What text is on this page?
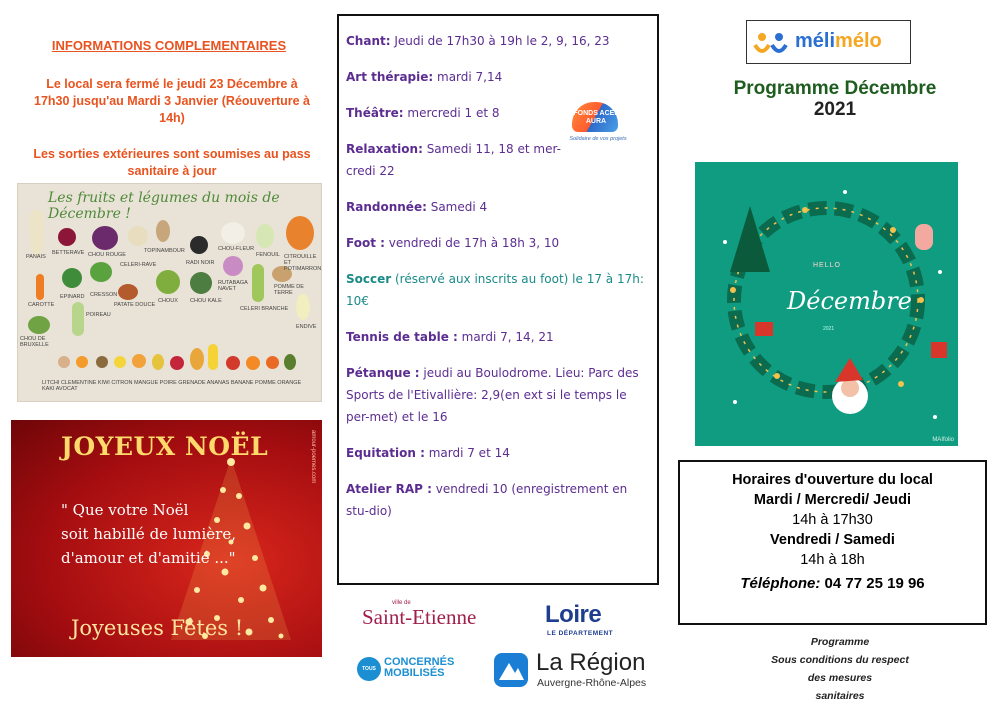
INFORMATIONS COMPLEMENTAIRES
Le local sera fermé le jeudi 23 Décembre à 17h30 jusqu'au Mardi 3 Janvier (Réouverture à 14h)
Les sorties extérieures sont soumises au pass sanitaire à jour
Les fruits et légumes du mois de Décembre !
LITCHI CLEMENTINE KIWI CITRON MANGUE POIRE GRENADE ANANAS BANANE POMME ORANGE KAKI AVOCAT
PANAIS
BETTERAVE CHOU ROUGE
TOPINAMBOUR	CHOU-FLEUR
FENOUIL CITROUILLE ET POTIMARRON
CELERI-RAVE	RADI NOIR
CAROTTE
EPINARD CRESSON
CHOUX CHOU KALE
RUTABAGA NAVET
CELERI BRANCHE
POMME DE TERRE
CHOU DE BRUXELLE
POIREAU
PATATE DOUCE
ENDIVE
JOYEUX NOËL
" Que votre Noël
soit habillé de lumière,
d'amour et d'amitié ..."
Joyeuses Fêtes !
amour-poemes.com
Chant: Jeudi de 17h30 à 19h le 2, 9, 16, 23
Art thérapie: mardi 7,14
Théâtre: mercredi 1 et 8
Relaxation: Samedi 11, 18 et mer-credi 22
Randonnée: Samedi 4
Foot : vendredi de 17h à 18h 3, 10
Soccer (réservé aux inscrits au foot) le 17 à 17h: 10€
Tennis de table : mardi 7, 14, 21
Pétanque : jeudi au Boulodrome. Lieu: Parc des Sports de l'Etivallière: 2,9(en ext si le temps le per-met) et le 16
Equitation : mardi 7 et 14
Atelier RAP : vendredi 10 (enregistrement en stu-dio)
FONDS ACEF AURA
Solidaire de vos projets
ville de
Saint-Etienne	Loire
LE DÉPARTEMENT
TOUS
CONCERNÉS
MOBILISÉS	La Région
Auvergne-Rhône-Alpes
mélimélo
Programme Décembre
2021
HELLO
Décembre
2021
MAIfolio
Horaires d'ouverture du local
Mardi / Mercredi/ Jeudi
14h à 17h30
Vendredi / Samedi
14h à 18h
Téléphone: 04 77 25 19 96
Programme
Sous conditions du respect
des mesures
sanitaires
